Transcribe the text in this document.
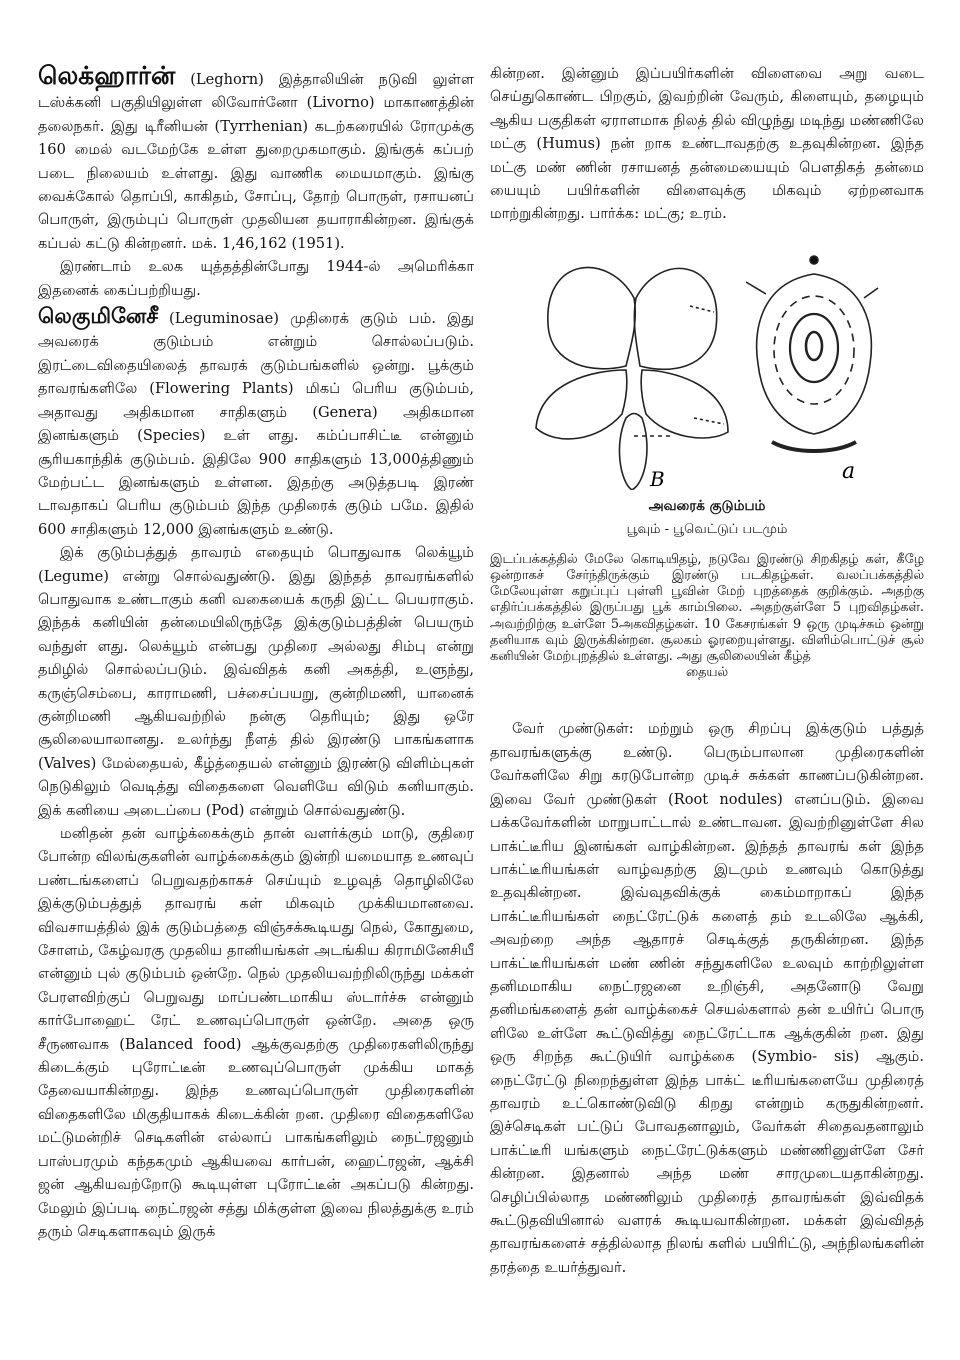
லெக்ஹார்ன் (Leghorn) இத்தாலியின் நடுவி லுள்ள டஸ்க்கனி பகுதியிலுள்ள லிவோர்னோ (Livorno) மாகாணத்தின் தலைநகர். இது டிரீனியன் (Tyrrhenian) கடற்கரையில் ரோமுக்கு 160 மைல் வடமேற்கே உள்ள துறைமுகமாகும். இங்குக் கப்பற் படை நிலையம் உள்ளது. இது வாணிக மையமாகும். இங்கு வைக்கோல் தொப்பி, காகிதம், சோப்பு, தோற் பொருள், ரசாயனப் பொருள், இரும்புப் பொருள் முதலியன தயாராகின்றன. இங்குக் கப்பல் கட்டு கின்றனர். மக். 1,46,162 (1951).

இரண்டாம் உலக யுத்தத்தின்போது 1944-ல் அமெரிக்கா இதனைக் கைப்பற்றியது.

லெகுமினேசீ (Leguminosae) முதிரைக் குடும் பம். இது அவரைக் குடும்பம் என்றும் சொல்லப்படும். இரட்டைவிதையிலைத் தாவரக் குடும்பங்களில் ஒன்று. பூக்கும் தாவரங்களிலே (Flowering Plants) மிகப் பெரிய குடும்பம், அதாவது அதிகமான சாதிகளும் (Genera) அதிகமான இனங்களும் (Species) உள் ளது. கம்ப்பாசிட்டீ என்னும் சூரியகாந்திக் குடும்பம். இதிலே 900 சாதிகளும் 13,000த்திணும் மேற்பட்ட இனங்களும் உள்ளன. இதற்கு அடுத்தபடி இரண் டாவதாகப் பெரிய குடும்பம் இந்த முதிரைக் குடும் பமே. இதில் 600 சாதிகளும் 12,000 இனங்களும் உண்டு.

இக் குடும்பத்துத் தாவரம் எதையும் பொதுவாக லெக்யூம் (Legume) என்று சொல்வதுண்டு. இது இந்தத் தாவரங்களில் பொதுவாக உண்டாகும் கனி வகையைக் கருதி இட்ட பெயராகும். இந்தக் கனியின் தன்மையிலிருந்தே இக்குடும்பத்தின் பெயரும் வந்துள் ளது. லெக்யூம் என்பது முதிரை அல்லது சிம்பு என்று தமிழில் சொல்லப்படும். இவ்விதக் கனி அகத்தி, உளுந்து, கருஞ்செம்பை, காராமணி, பச்சைப்பயறு, குன்றிமணி, யானைக் குன்றிமணி ஆகியவற்றில் நன்கு தெரியும்; இது ஒரே சூலிலையாலானது. உலர்ந்து நீளத் தில் இரண்டு பாகங்களாக (Valves) மேல்தையல், கீழ்த்தையல் என்னும் இரண்டு விளிம்புகள் நெடுகிலும் வெடித்து விதைகளை வெளியே விடும் கனியாகும். இக் கனியை அடைப்பை (Pod) என்றும் சொல்வதுண்டு.

மனிதன் தன் வாழ்க்கைக்கும் தான் வளர்க்கும் மாடு, குதிரை போன்ற விலங்குகளின் வாழ்க்கைக்கும் இன்றி யமையாத உணவுப் பண்டங்களைப் பெறுவதற்காகச் செய்யும் உழவுத் தொழிலிலே இக்குடும்பத்துத் தாவரங் கள் மிகவும் முக்கியமானவை. விவசாயத்தில் இக் குடும்பத்தை விஞ்சக்கூடியது நெல், கோதுமை, சோளம், கேழ்வரகு முதலிய தானியங்கள் அடங்கிய கிராமினேசியீ என்னும் புல் குடும்பம் ஒன்றே. நெல் முதலியவற்றிலிருந்து மக்கள் பேரளவிற்குப் பெறுவது மாப்பண்டமாகிய ஸ்டார்ச்சு என்னும் கார்போஹைட் ரேட் உணவுப்பொருள் ஒன்றே. அதை ஒரு சீருணவாக (Balanced food) ஆக்குவதற்கு முதிரைகளிலிருந்து கிடைக்கும் புரோட்டீன் உணவுப்பொருள் முக்கிய மாகத் தேவையாகின்றது. இந்த உணவுப்பொருள் முதிரைகளின் விதைகளிலே மிகுதியாகக் கிடைக்கின் றன. முதிரை விதைகளிலே மட்டுமன்றிச் செடிகளின் எல்லாப் பாகங்களிலும் நைட்ரஜனும் பாஸ்பரமும் கந்தகமும் ஆகியவை கார்பன், ஹைட்ரஜன், ஆக்சி ஜன் ஆகியவற்றோடு கூடியுள்ள புரோட்டீன் அகப்படு கின்றது. மேலும் இப்படி நைட்ரஜன் சத்து மிக்குள்ள இவை நிலத்துக்கு உரம் தரும் செடிகளாகவும் இருக்

கின்றன. இன்னும் இப்பயிர்களின் விளைவை அறு வடை செய்துகொண்ட பிறகும், இவற்றின் வேரும், கிளையும், தழையும் ஆகிய பகுதிகள் ஏராளமாக நிலத் தில் விழுந்து மடிந்து மண்ணிலே மட்கு (Humus) நன் றாக உண்டாவதற்கு உதவுகின்றன. இந்த மட்கு மண் ணின் ரசாயனத் தன்மையையும் பௌதிகத் தன்மை யையும் பயிர்களின் விளைவுக்கு மிகவும் ஏற்றனவாக மாற்றுகின்றது. பார்க்க: மட்கு; உரம்.

B	a
அவரைக் குடும்பம்
பூவும் - பூவெட்டுப் படமும்
இடப்பக்கத்தில் மேலே கொடியிதழ், நடுவே இரண்டு சிறகிதழ் கள், கீழே ஒன்றாகச் சேர்ந்திருக்கும் இரண்டு படகிதழ்கள். வலப்பக்கத்தில் மேலேயுள்ள கறுப்புப் புள்ளி பூவின் மேற் புறத்தைக் குறிக்கும். அதற்கு எதிர்ப்பக்கத்தில் இருப்பது பூக் காம்பிலை. அதற்குள்ளே 5 புறவிதழ்கள். அவற்றிற்கு உள்ளே 5அகவிதழ்கள். 10 கேசரங்கள் 9 ஒரு முடிச்சும் ஒன்று தனியாக வும் இருக்கின்றன. சூலகம் ஓரறையுள்ளது. விளிம்பொட்டுச் சூல் கனியின் மேற்புறத்தில் உள்ளது. அது சூலிலையின் கீழ்த்
தையல்

வேர் முண்டுகள்: மற்றும் ஒரு சிறப்பு இக்குடும் பத்துத் தாவரங்களுக்கு உண்டு. பெரும்பாலான முதிரைகளின் வேர்களிலே சிறு கரடுபோன்ற முடிச் சுக்கள் காணப்படுகின்றன. இவை வேர் முண்டுகள் (Root nodules) எனப்படும். இவை பக்கவேர்களின் மாறுபாட்டால் உண்டாவன. இவற்றினுள்ளே சில பாக்ட்டீரிய இனங்கள் வாழ்கின்றன. இந்தத் தாவரங் கள் இந்த பாக்ட்டீரியங்கள் வாழ்வதற்கு இடமும் உணவும் கொடுத்து உதவுகின்றன. இவ்வுதவிக்குக் கைம்மாறாகப் இந்த பாக்ட்டீரியங்கள் நைட்ரேட்டுக் களைத் தம் உடலிலே ஆக்கி, அவற்றை அந்த ஆதாரச் செடிக்குத் தருகின்றன. இந்த பாக்ட்டீரியங்கள் மண் ணின் சந்துகளிலே உலவும் காற்றிலுள்ள தனிமமாகிய நைட்ரஜனை உறிஞ்சி, அதனோடு வேறு தனிமங்களைத் தன் வாழ்க்கைச் செயல்களால் தன் உயிர்ப் பொரு ளிலே உள்ளே கூட்டுவித்து நைட்ரேட்டாக ஆக்குகின் றன. இது ஒரு சிறந்த கூட்டுயிர் வாழ்க்கை (Symbio- sis) ஆகும். நைட்ரேட்டு நிறைந்துள்ள இந்த பாக்ட் டீரியங்களையே முதிரைத் தாவரம் உட்கொண்டுவிடு கிறது என்றும் கருதுகின்றனர். இச்செடிகள் பட்டுப் போவதனாலும், வேர்கள் சிதைவதனாலும் பாக்ட்டீரி யங்களும் நைட்ரேட்டுக்களும் மண்ணினுள்ளே சேர் கின்றன. இதனால் அந்த மண் சாரமுடையதாகின்றது. செழிப்பில்லாத மண்ணிலும் முதிரைத் தாவரங்கள் இவ்விதக் கூட்டுதவியினால் வளரக் கூடியவாகின்றன. மக்கள் இவ்விதத் தாவரங்களைச் சத்தில்லாத நிலங் களில் பயிரிட்டு, அந்நிலங்களின் தரத்தை உயர்த்துவர்.
